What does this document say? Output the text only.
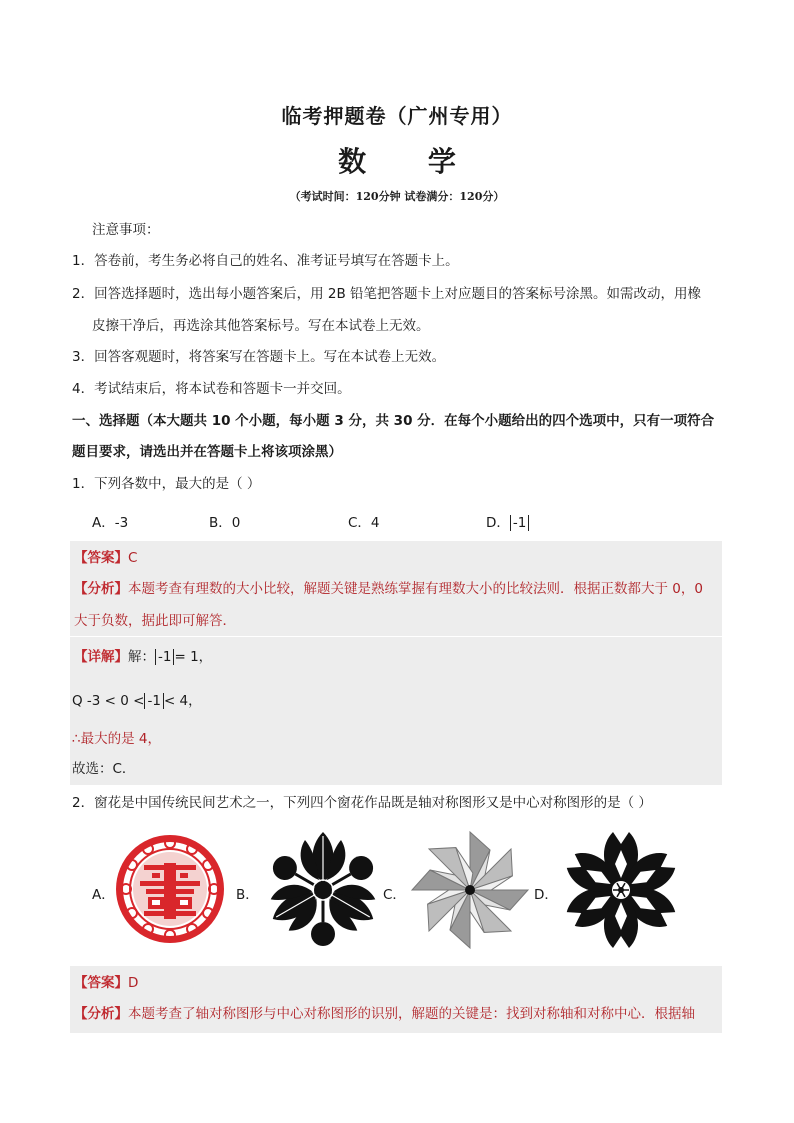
临考押题卷（广州专用）
数 学
（考试时间：120分钟 试卷满分：120分）
注意事项：
1．答卷前，考生务必将自己的姓名、准考证号填写在答题卡上。
2．回答选择题时，选出每小题答案后，用 2B 铅笔把答题卡上对应题目的答案标号涂黑。如需改动，用橡
皮擦干净后，再选涂其他答案标号。写在本试卷上无效。
3．回答客观题时，将答案写在答题卡上。写在本试卷上无效。
4．考试结束后，将本试卷和答题卡一并交回。
一、选择题（本大题共 10 个小题，每小题 3 分，共 30 分．在每个小题给出的四个选项中，只有一项符合
题目要求，请选出并在答题卡上将该项涂黑）
1．下列各数中，最大的是（ ）
A．-3	B．0	C．4	D． -1
【答案】C
【分析】本题考查有理数的大小比较，解题关键是熟练掌握有理数大小的比较法则．根据正数都大于 0，0
大于负数，据此即可解答．
【详解】解： -1 = 1，
Q -3 < 0 < -1 < 4，
∴最大的是 4，
故选：C．
2．窗花是中国传统民间艺术之一，下列四个窗花作品既是轴对称图形又是中心对称图形的是（ ）
A．	B．	C．	D．
【答案】D
【分析】本题考查了轴对称图形与中心对称图形的识别，解题的关键是：找到对称轴和对称中心．根据轴
